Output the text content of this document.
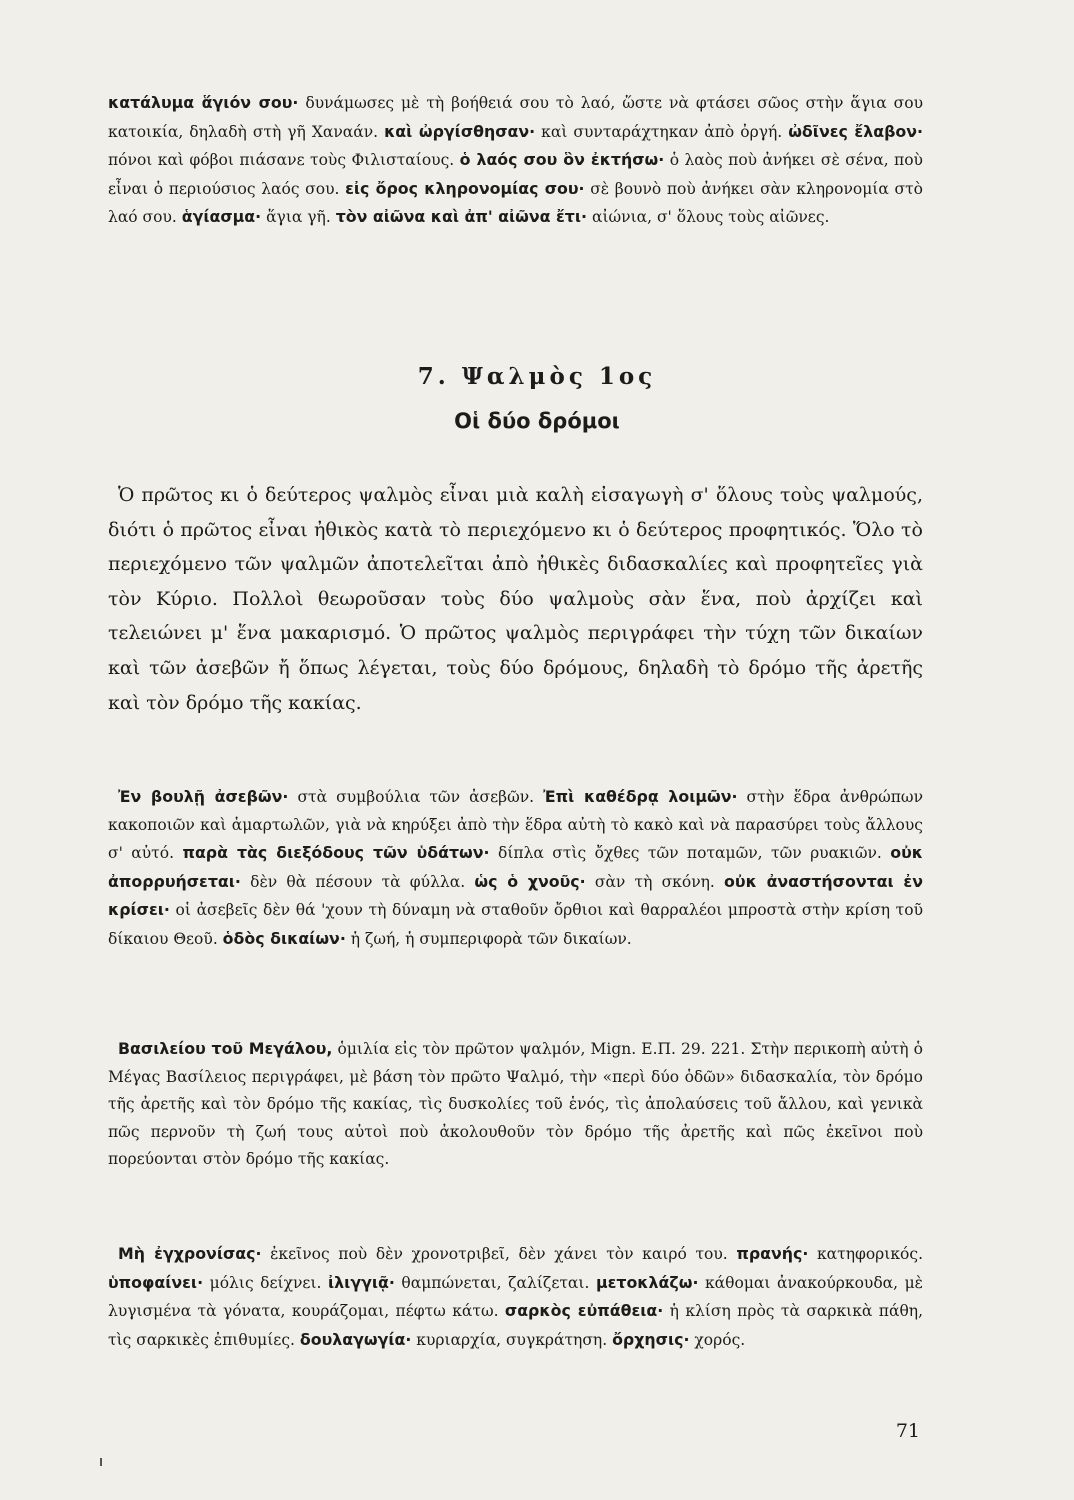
κατάλυμα ἅγιόν σου· δυνάμωσες μὲ τὴ βοήθειά σου τὸ λαό, ὥστε νὰ φτάσει σῶος στὴν ἅγια σου κατοικία, δηλαδὴ στὴ γῆ Χαναάν. καὶ ὠργίσθησαν· καὶ συνταράχτηκαν ἀπὸ ὀργή. ὠδῖνες ἔλαβον· πόνοι καὶ φόβοι πιάσανε τοὺς Φιλισταίους. ὁ λαός σου ὃν ἐκτήσω· ὁ λαὸς ποὺ ἀνήκει σὲ σένα, ποὺ εἶναι ὁ περιούσιος λαός σου. εἰς ὄρος κληρονομίας σου· σὲ βουνὸ ποὺ ἀνήκει σὰν κληρονομία στὸ λαό σου. ἁγίασμα· ἅγια γῆ. τὸν αἰῶνα καὶ ἀπ' αἰῶνα ἔτι· αἰώνια, σ' ὅλους τοὺς αἰῶνες.

7. Ψαλμὸς 1ος
Οἱ δύο δρόμοι

Ὁ πρῶτος κι ὁ δεύτερος ψαλμὸς εἶναι μιὰ καλὴ εἰσαγωγὴ σ' ὅλους τοὺς ψαλμούς, διότι ὁ πρῶτος εἶναι ἠθικὸς κατὰ τὸ περιεχόμενο κι ὁ δεύτερος προφητικός. Ὅλο τὸ περιεχόμενο τῶν ψαλμῶν ἀποτελεῖται ἀπὸ ἠθικὲς διδασκαλίες καὶ προφητεῖες γιὰ τὸν Κύριο. Πολλοὶ θεωροῦσαν τοὺς δύο ψαλμοὺς σὰν ἕνα, ποὺ ἀρχίζει καὶ τελειώνει μ' ἕνα μακαρισμό. Ὁ πρῶτος ψαλμὸς περιγράφει τὴν τύχη τῶν δικαίων καὶ τῶν ἀσεβῶν ἤ ὅπως λέγεται, τοὺς δύο δρόμους, δηλαδὴ τὸ δρόμο τῆς ἀρετῆς καὶ τὸν δρόμο τῆς κακίας.

Ἐν βουλῇ ἀσεβῶν· στὰ συμβούλια τῶν ἀσεβῶν. Ἐπὶ καθέδρᾳ λοιμῶν· στὴν ἕδρα ἀνθρώπων κακοποιῶν καὶ ἁμαρτωλῶν, γιὰ νὰ κηρύξει ἀπὸ τὴν ἕδρα αὐτὴ τὸ κακὸ καὶ νὰ παρασύρει τοὺς ἄλλους σ' αὐτό. παρὰ τὰς διεξόδους τῶν ὑδάτων· δίπλα στὶς ὄχθες τῶν ποταμῶν, τῶν ρυακιῶν. οὐκ ἀπορρυήσεται· δὲν θὰ πέσουν τὰ φύλλα. ὡς ὁ χνοῦς· σὰν τὴ σκόνη. οὐκ ἀναστήσονται ἐν κρίσει· οἱ ἀσεβεῖς δὲν θά 'χουν τὴ δύναμη νὰ σταθοῦν ὄρθιοι καὶ θαρραλέοι μπροστὰ στὴν κρίση τοῦ δίκαιου Θεοῦ. ὁδὸς δικαίων· ἡ ζωή, ἡ συμπεριφορὰ τῶν δικαίων.

Βασιλείου τοῦ Μεγάλου, ὁμιλία εἰς τὸν πρῶτον ψαλμόν, Mign. Ε.Π. 29. 221. Στὴν περικοπὴ αὐτὴ ὁ Μέγας Βασίλειος περιγράφει, μὲ βάση τὸν πρῶτο Ψαλμό, τὴν «περὶ δύο ὁδῶν» διδασκαλία, τὸν δρόμο τῆς ἀρετῆς καὶ τὸν δρόμο τῆς κακίας, τὶς δυσκολίες τοῦ ἑνός, τὶς ἀπολαύσεις τοῦ ἄλλου, καὶ γενικὰ πῶς περνοῦν τὴ ζωή τους αὐτοὶ ποὺ ἀκολουθοῦν τὸν δρόμο τῆς ἀρετῆς καὶ πῶς ἐκεῖνοι ποὺ πορεύονται στὸν δρόμο τῆς κακίας.

Μὴ ἐγχρονίσας· ἐκεῖνος ποὺ δὲν χρονοτριβεῖ, δὲν χάνει τὸν καιρό του. πρανής· κατηφορικός. ὑποφαίνει· μόλις δείχνει. ἰλιγγιᾷ· θαμπώνεται, ζαλίζεται. μετοκλάζω· κάθομαι ἀνακούρκουδα, μὲ λυγισμένα τὰ γόνατα, κουράζομαι, πέφτω κάτω. σαρκὸς εὐπάθεια· ἡ κλίση πρὸς τὰ σαρκικὰ πάθη, τὶς σαρκικὲς ἐπιθυμίες. δουλαγωγία· κυριαρχία, συγκράτηση. ὄρχησις· χορός.

71
